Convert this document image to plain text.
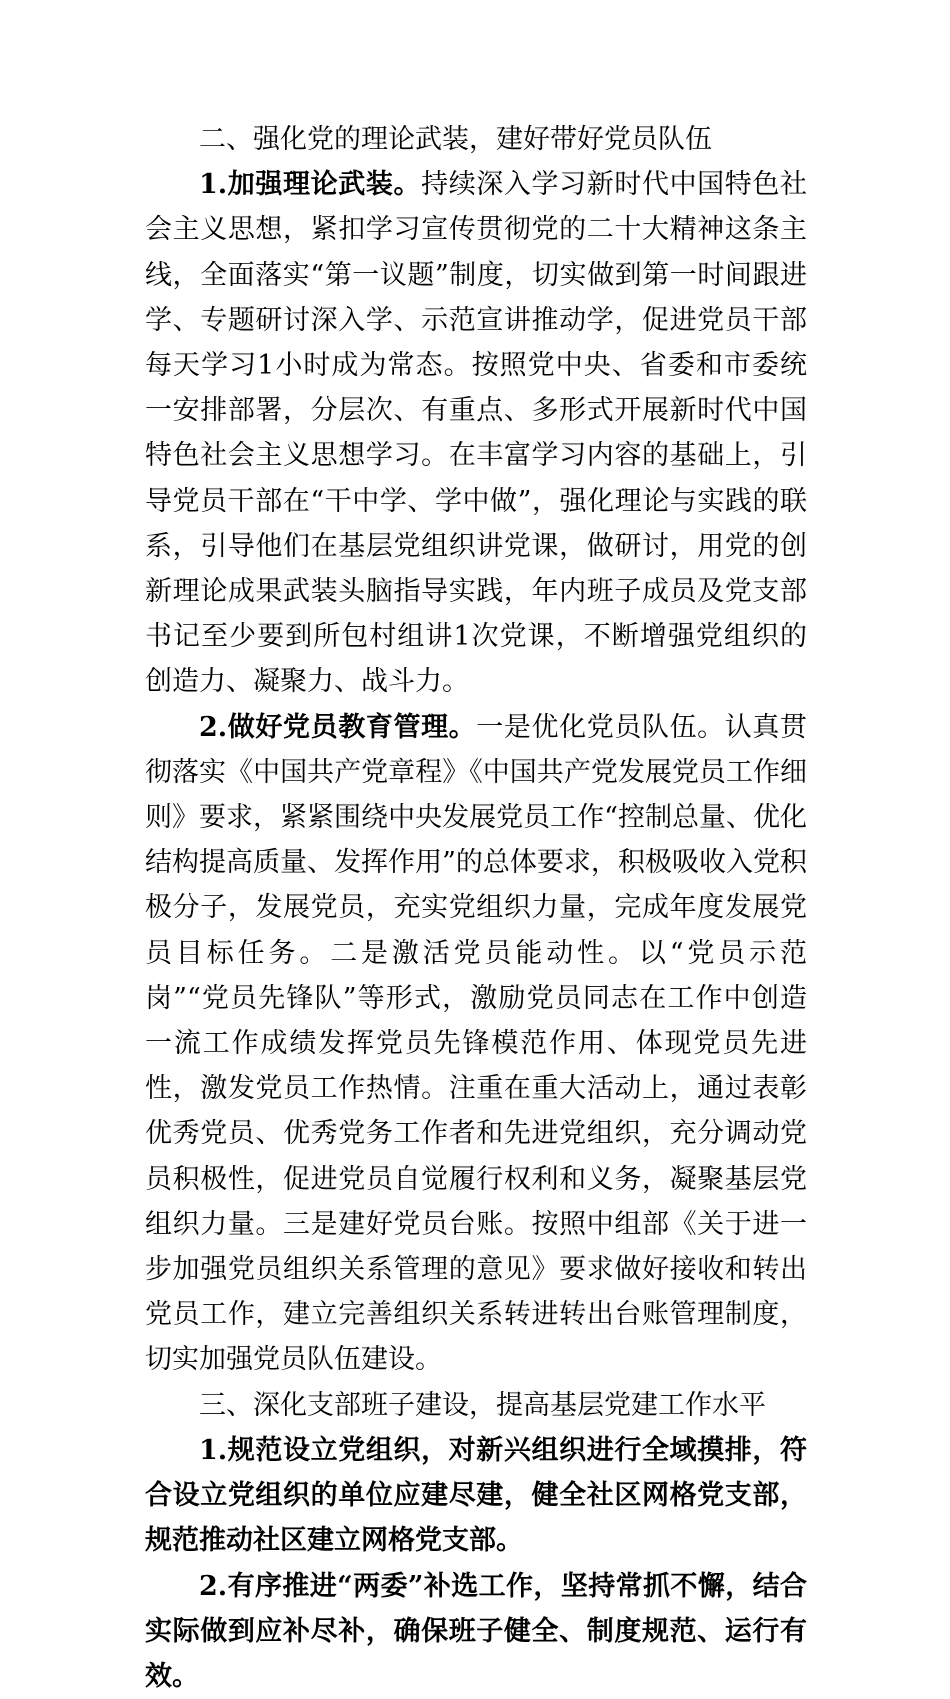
二、强化党的理论武装，建好带好党员队伍

1.加强理论武装。持续深入学习新时代中国特色社会主义思想，紧扣学习宣传贯彻党的二十大精神这条主线，全面落实“第一议题”制度，切实做到第一时间跟进学、专题研讨深入学、示范宣讲推动学，促进党员干部每天学习1小时成为常态。按照党中央、省委和市委统一安排部署，分层次、有重点、多形式开展新时代中国特色社会主义思想学习。在丰富学习内容的基础上，引导党员干部在“干中学、学中做”，强化理论与实践的联系，引导他们在基层党组织讲党课，做研讨，用党的创新理论成果武装头脑指导实践，年内班子成员及党支部书记至少要到所包村组讲1次党课，不断增强党组织的创造力、凝聚力、战斗力。

2.做好党员教育管理。一是优化党员队伍。认真贯彻落实《中国共产党章程》《中国共产党发展党员工作细则》要求，紧紧围绕中央发展党员工作“控制总量、优化结构提高质量、发挥作用”的总体要求，积极吸收入党积极分子，发展党员，充实党组织力量，完成年度发展党员目标任务。二是激活党员能动性。以“党员示范岗”“党员先锋队”等形式，激励党员同志在工作中创造一流工作成绩发挥党员先锋模范作用、体现党员先进性，激发党员工作热情。注重在重大活动上，通过表彰优秀党员、优秀党务工作者和先进党组织，充分调动党员积极性，促进党员自觉履行权利和义务，凝聚基层党组织力量。三是建好党员台账。按照中组部《关于进一步加强党员组织关系管理的意见》要求做好接收和转出党员工作，建立完善组织关系转进转出台账管理制度，切实加强党员队伍建设。

三、深化支部班子建设，提高基层党建工作水平

1.规范设立党组织，对新兴组织进行全域摸排，符合设立党组织的单位应建尽建，健全社区网格党支部，规范推动社区建立网格党支部。

2.有序推进“两委”补选工作，坚持常抓不懈，结合实际做到应补尽补，确保班子健全、制度规范、运行有效。
